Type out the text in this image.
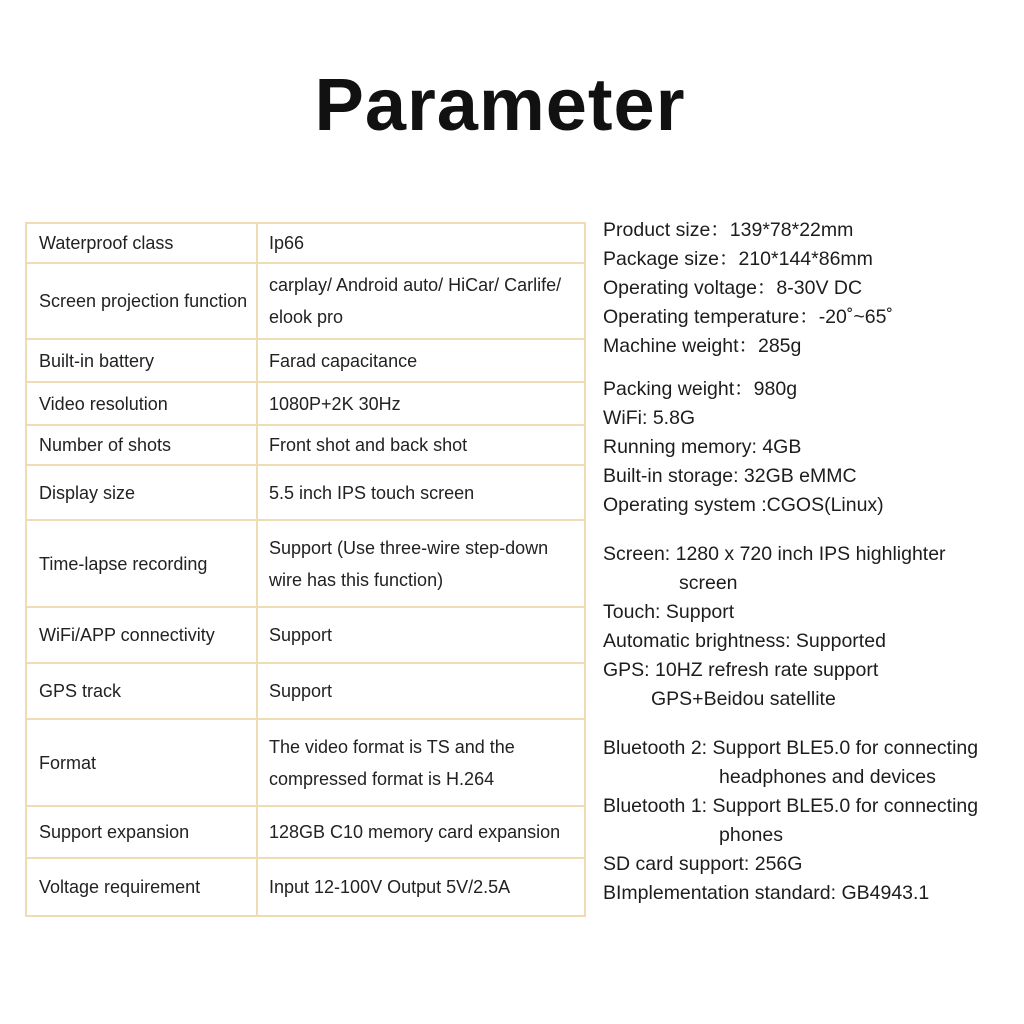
Parameter
Waterproof class	Ip66
Screen projection function	carplay/ Android auto/ HiCar/ Carlife/ elook pro
Built-in battery	Farad capacitance
Video resolution	1080P+2K 30Hz
Number of shots	Front shot and back shot
Display size	5.5 inch IPS touch screen
Time-lapse recording	Support (Use three-wire step-down wire has this function)
WiFi/APP connectivity	Support
GPS track	Support
Format	The video format is TS and the compressed format is H.264
Support expansion	128GB C10 memory card expansion
Voltage requirement	Input 12-100V Output 5V/2.5A
Product size：139*78*22mm
Package size：210*144*86mm
Operating voltage：8-30V DC
Operating temperature：-20˚~65˚
Machine weight：285g
Packing weight：980g
WiFi: 5.8G
Running memory: 4GB
Built-in storage: 32GB eMMC
Operating system :CGOS(Linux)
Screen: 1280 x 720 inch IPS highlighter
screen
Touch: Support
Automatic brightness: Supported
GPS: 10HZ refresh rate support
GPS+Beidou satellite
Bluetooth 2: Support BLE5.0 for connecting
headphones and devices
Bluetooth 1: Support BLE5.0 for connecting
phones
SD card support: 256G
BImplementation standard: GB4943.1
